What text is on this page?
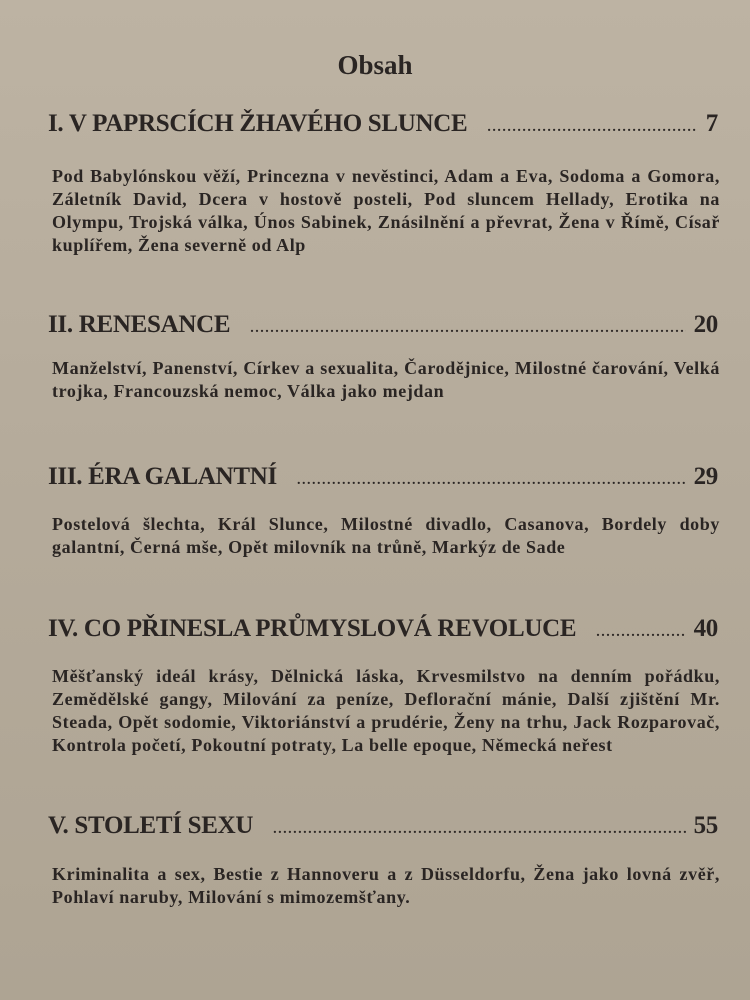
Obsah
I. V PAPRSCÍCH ŽHAVÉHO SLUNCE . . .	7
Pod Babylónskou věží, Princezna v nevěstinci, Adam a Eva, Sodoma a Gomora, Záletník David, Dcera v hostově posteli, Pod sluncem Hellady, Erotika na Olympu, Trojská válka, Únos Sabinek, Znásilnění a převrat, Žena v Římě, Císař kuplířem, Žena severně od Alp
II. RENESANCE . . .	20
Manželství, Panenství, Církev a sexualita, Čarodějnice, Milostné čarování, Velká trojka, Francouzská nemoc, Válka jako mejdan
III. ÉRA GALANTNÍ . . .	29
Postelová šlechta, Král Slunce, Milostné divadlo, Casanova, Bordely doby galantní, Černá mše, Opět milovník na trůně, Markýz de Sade
IV. CO PŘINESLA PRŮMYSLOVÁ REVOLUCE . . .	40
Měšťanský ideál krásy, Dělnická láska, Krvesmilstvo na denním pořádku, Zemědělské gangy, Milování za peníze, Deflorační mánie, Další zjištění Mr. Steada, Opět sodomie, Viktoriánství a prudérie, Ženy na trhu, Jack Rozparovač, Kontrola početí, Pokoutní potraty, La belle epoque, Německá neřest
V. STOLETÍ SEXU . . .	55
Kriminalita a sex, Bestie z Hannoveru a z Düsseldorfu, Žena jako lovná zvěř, Pohlaví naruby, Milování s mimozemšťany.
